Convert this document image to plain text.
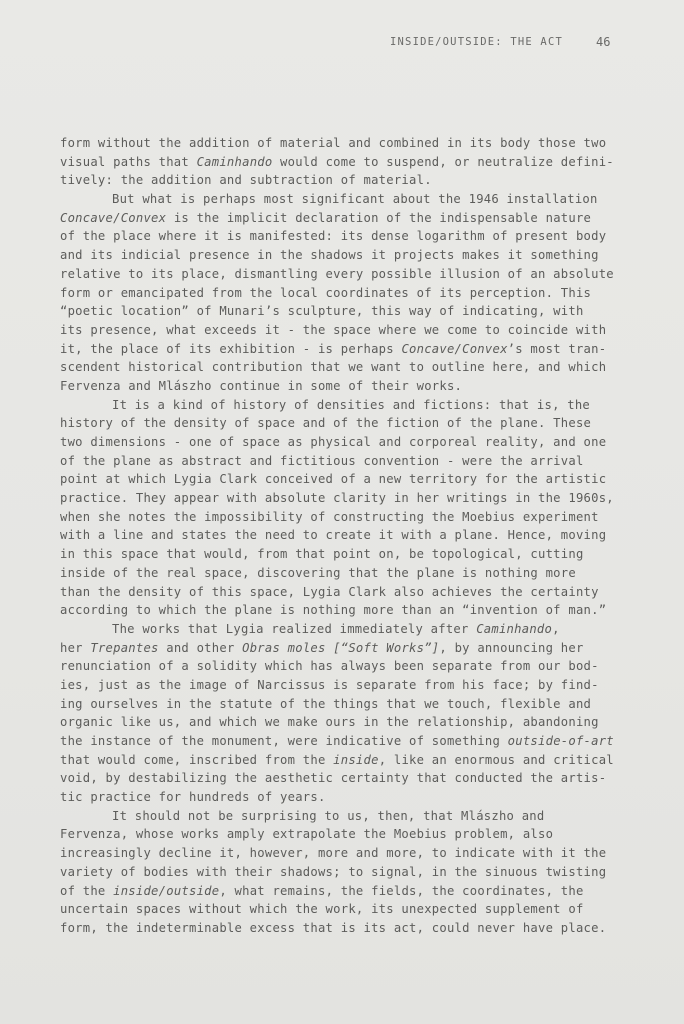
INSIDE/OUTSIDE: THE ACT	46
form without the addition of material and combined in its body those two
visual paths that Caminhando would come to suspend, or neutralize defini-
tively: the addition and subtraction of material.
But what is perhaps most significant about the 1946 installation
Concave/Convex is the implicit declaration of the indispensable nature
of the place where it is manifested: its dense logarithm of present body
and its indicial presence in the shadows it projects makes it something
relative to its place, dismantling every possible illusion of an absolute
form or emancipated from the local coordinates of its perception. This
“poetic location” of Munari’s sculpture, this way of indicating, with
its presence, what exceeds it - the space where we come to coincide with
it, the place of its exhibition - is perhaps Concave/Convex’s most tran-
scendent historical contribution that we want to outline here, and which
Fervenza and Mlászho continue in some of their works.
It is a kind of history of densities and fictions: that is, the
history of the density of space and of the fiction of the plane. These
two dimensions - one of space as physical and corporeal reality, and one
of the plane as abstract and fictitious convention - were the arrival
point at which Lygia Clark conceived of a new territory for the artistic
practice. They appear with absolute clarity in her writings in the 1960s,
when she notes the impossibility of constructing the Moebius experiment
with a line and states the need to create it with a plane. Hence, moving
in this space that would, from that point on, be topological, cutting
inside of the real space, discovering that the plane is nothing more
than the density of this space, Lygia Clark also achieves the certainty
according to which the plane is nothing more than an “invention of man.”
The works that Lygia realized immediately after Caminhando,
her Trepantes and other Obras moles [“Soft Works”], by announcing her
renunciation of a solidity which has always been separate from our bod-
ies, just as the image of Narcissus is separate from his face; by find-
ing ourselves in the statute of the things that we touch, flexible and
organic like us, and which we make ours in the relationship, abandoning
the instance of the monument, were indicative of something outside-of-art
that would come, inscribed from the inside, like an enormous and critical
void, by destabilizing the aesthetic certainty that conducted the artis-
tic practice for hundreds of years.
It should not be surprising to us, then, that Mlászho and
Fervenza, whose works amply extrapolate the Moebius problem, also
increasingly decline it, however, more and more, to indicate with it the
variety of bodies with their shadows; to signal, in the sinuous twisting
of the inside/outside, what remains, the fields, the coordinates, the
uncertain spaces without which the work, its unexpected supplement of
form, the indeterminable excess that is its act, could never have place.
